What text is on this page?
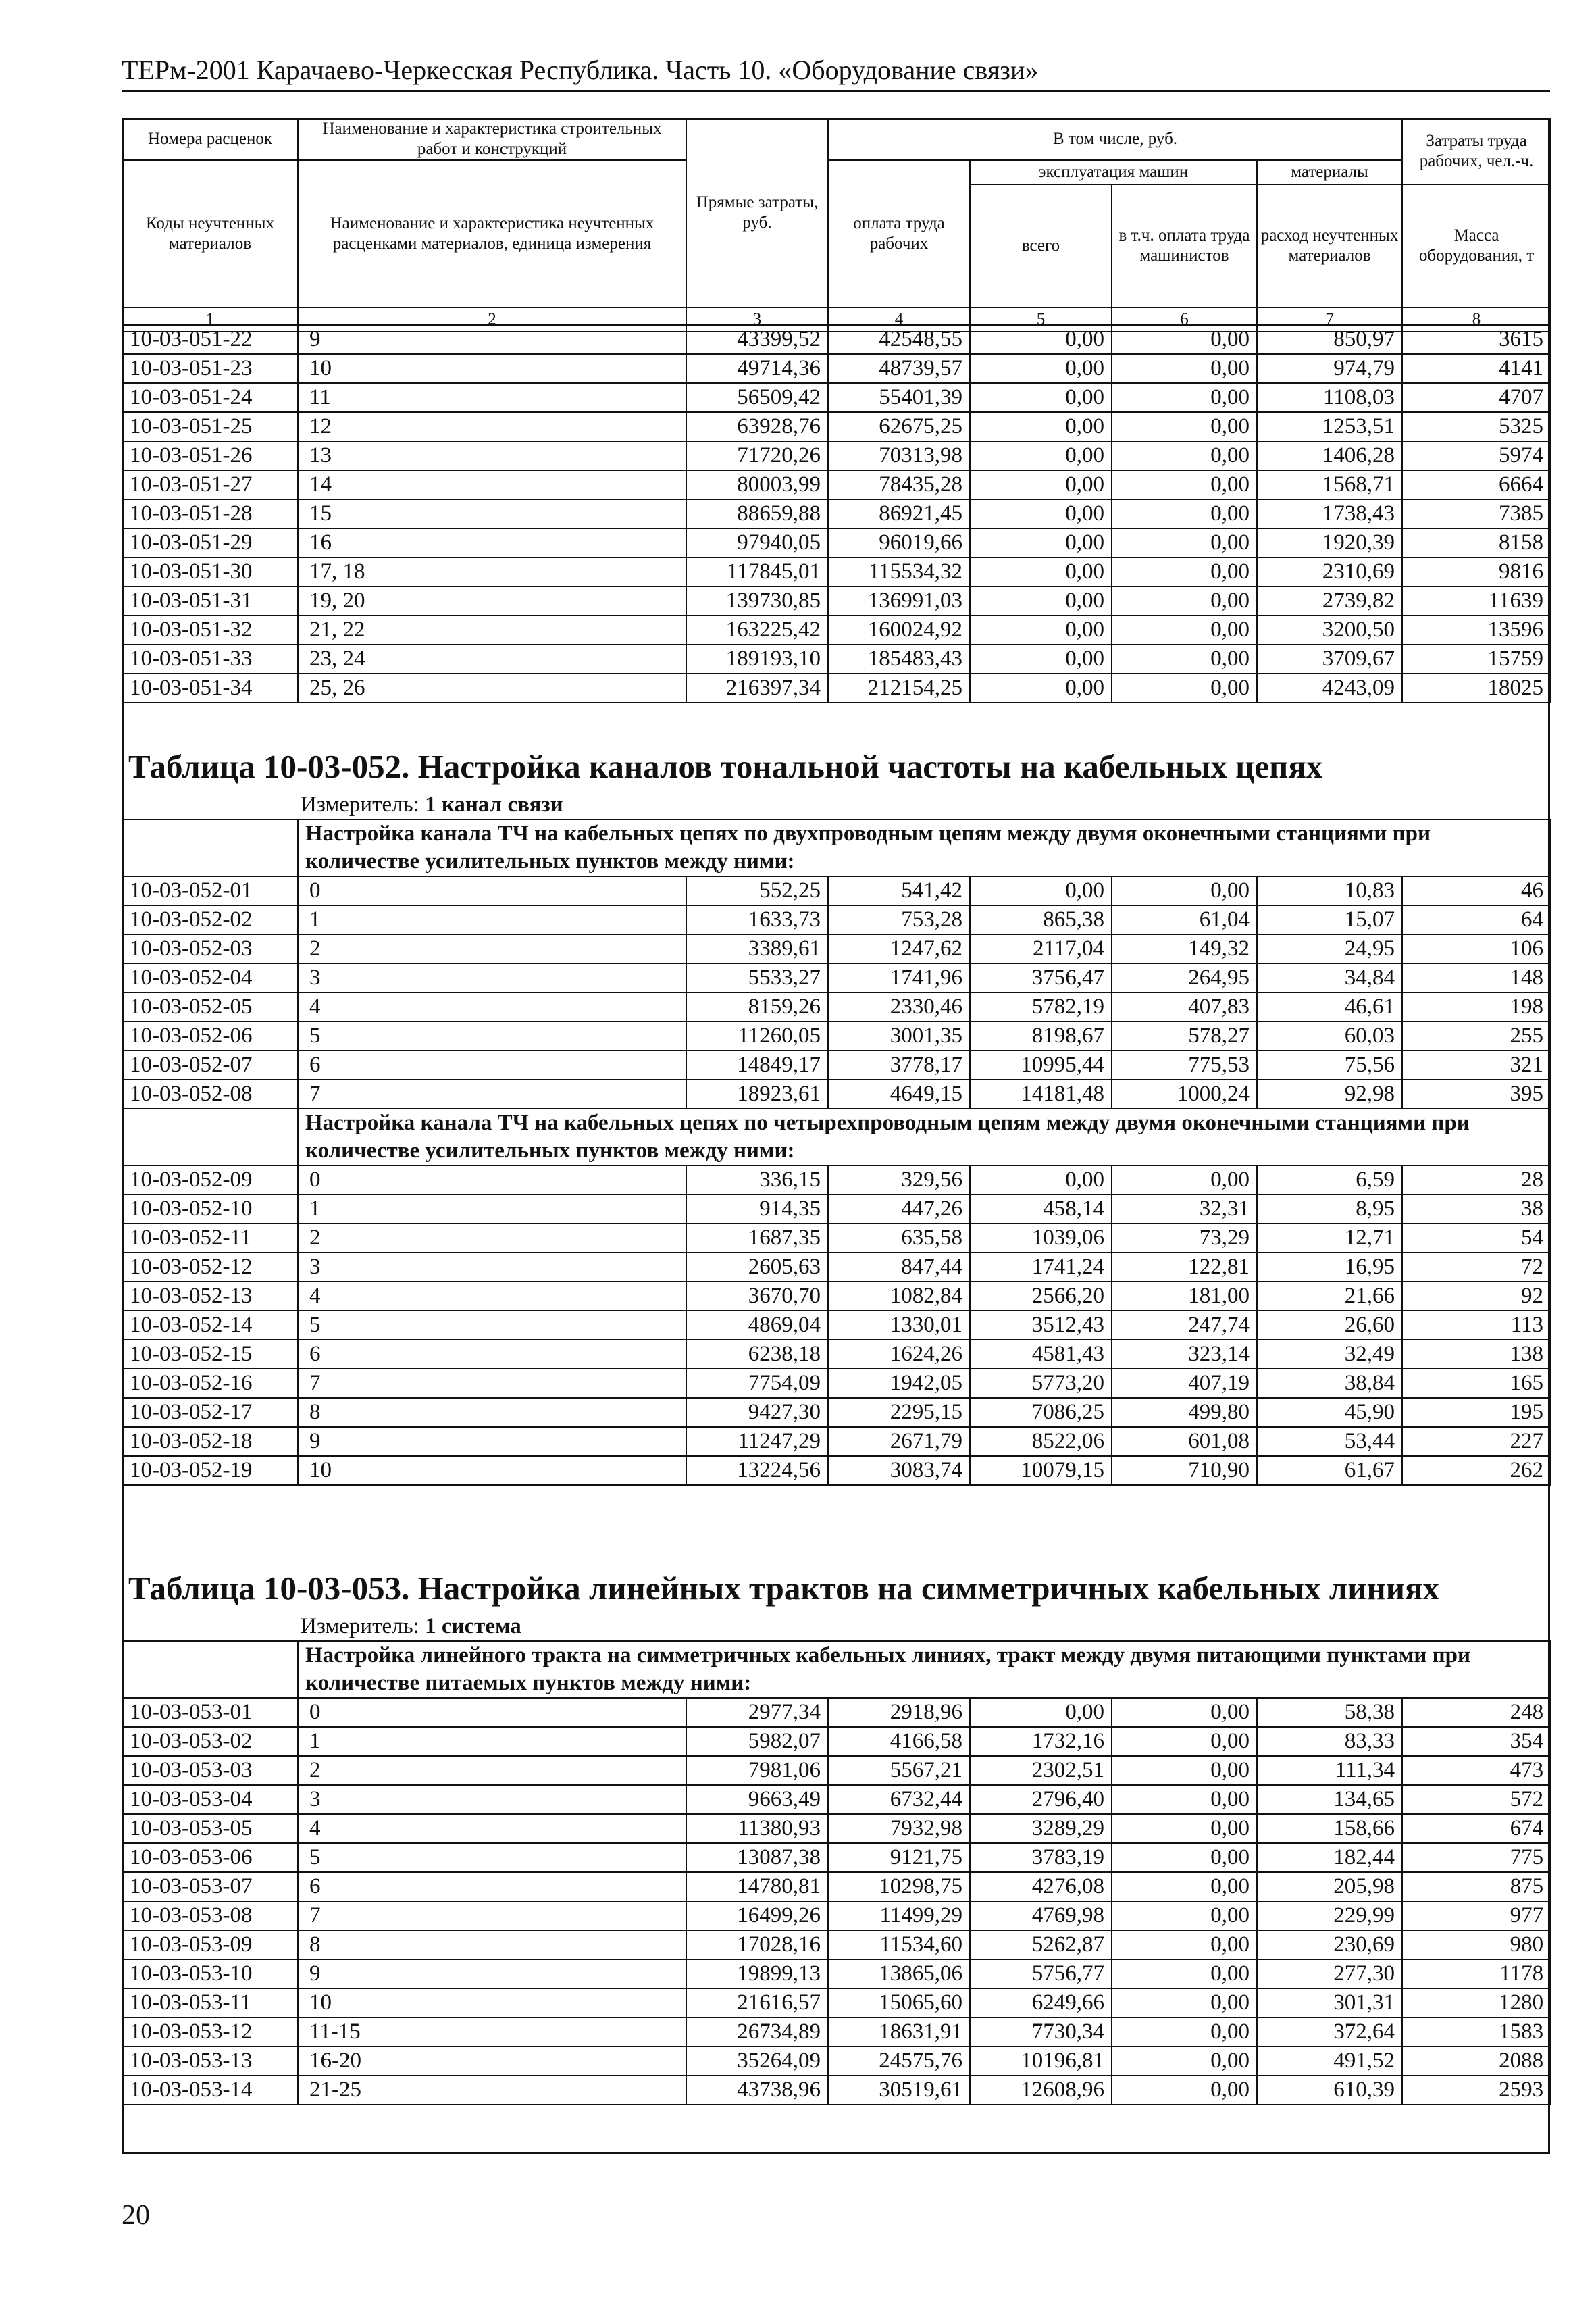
ТЕРм-2001 Карачаево-Черкесская Республика. Часть 10. «Оборудование связи»
Номера расценок	Наименование и характеристика строительных работ и конструкций	Прямые затраты, руб.	В том числе, руб.				Затраты труда рабочих, чел.-ч.
Коды неучтенных материалов	Наименование и характеристика неучтенных расценками материалов, единица измерения		оплата труда рабочих	эксплуатация машин		материалы	
				всего	в т.ч. оплата труда машинистов	расход неучтенных материалов	Масса оборудования, т
1	2	3	4	5	6	7	8
10-03-051-22	9	43399,52	42548,55	0,00	0,00	850,97	3615
10-03-051-23	10	49714,36	48739,57	0,00	0,00	974,79	4141
10-03-051-24	11	56509,42	55401,39	0,00	0,00	1108,03	4707
10-03-051-25	12	63928,76	62675,25	0,00	0,00	1253,51	5325
10-03-051-26	13	71720,26	70313,98	0,00	0,00	1406,28	5974
10-03-051-27	14	80003,99	78435,28	0,00	0,00	1568,71	6664
10-03-051-28	15	88659,88	86921,45	0,00	0,00	1738,43	7385
10-03-051-29	16	97940,05	96019,66	0,00	0,00	1920,39	8158
10-03-051-30	17, 18	117845,01	115534,32	0,00	0,00	2310,69	9816
10-03-051-31	19, 20	139730,85	136991,03	0,00	0,00	2739,82	11639
10-03-051-32	21, 22	163225,42	160024,92	0,00	0,00	3200,50	13596
10-03-051-33	23, 24	189193,10	185483,43	0,00	0,00	3709,67	15759
10-03-051-34	25, 26	216397,34	212154,25	0,00	0,00	4243,09	18025
Таблица 10-03-052. Настройка каналов тональной частоты на кабельных цепях
Измеритель: 1 канал связи
	Настройка канала ТЧ на кабельных цепях по двухпроводным цепям между двумя оконечными станциями при количестве усилительных пунктов между ними:						
10-03-052-01	0	552,25	541,42	0,00	0,00	10,83	46
10-03-052-02	1	1633,73	753,28	865,38	61,04	15,07	64
10-03-052-03	2	3389,61	1247,62	2117,04	149,32	24,95	106
10-03-052-04	3	5533,27	1741,96	3756,47	264,95	34,84	148
10-03-052-05	4	8159,26	2330,46	5782,19	407,83	46,61	198
10-03-052-06	5	11260,05	3001,35	8198,67	578,27	60,03	255
10-03-052-07	6	14849,17	3778,17	10995,44	775,53	75,56	321
10-03-052-08	7	18923,61	4649,15	14181,48	1000,24	92,98	395
	Настройка канала ТЧ на кабельных цепях по четырехпроводным цепям между двумя оконечными станциями при количестве усилительных пунктов между ними:						
10-03-052-09	0	336,15	329,56	0,00	0,00	6,59	28
10-03-052-10	1	914,35	447,26	458,14	32,31	8,95	38
10-03-052-11	2	1687,35	635,58	1039,06	73,29	12,71	54
10-03-052-12	3	2605,63	847,44	1741,24	122,81	16,95	72
10-03-052-13	4	3670,70	1082,84	2566,20	181,00	21,66	92
10-03-052-14	5	4869,04	1330,01	3512,43	247,74	26,60	113
10-03-052-15	6	6238,18	1624,26	4581,43	323,14	32,49	138
10-03-052-16	7	7754,09	1942,05	5773,20	407,19	38,84	165
10-03-052-17	8	9427,30	2295,15	7086,25	499,80	45,90	195
10-03-052-18	9	11247,29	2671,79	8522,06	601,08	53,44	227
10-03-052-19	10	13224,56	3083,74	10079,15	710,90	61,67	262
Таблица 10-03-053. Настройка линейных трактов на симметричных кабельных линиях
Измеритель: 1 система
	Настройка линейного тракта на симметричных кабельных линиях, тракт между двумя питающими пунктами при количестве питаемых пунктов между ними:						
10-03-053-01	0	2977,34	2918,96	0,00	0,00	58,38	248
10-03-053-02	1	5982,07	4166,58	1732,16	0,00	83,33	354
10-03-053-03	2	7981,06	5567,21	2302,51	0,00	111,34	473
10-03-053-04	3	9663,49	6732,44	2796,40	0,00	134,65	572
10-03-053-05	4	11380,93	7932,98	3289,29	0,00	158,66	674
10-03-053-06	5	13087,38	9121,75	3783,19	0,00	182,44	775
10-03-053-07	6	14780,81	10298,75	4276,08	0,00	205,98	875
10-03-053-08	7	16499,26	11499,29	4769,98	0,00	229,99	977
10-03-053-09	8	17028,16	11534,60	5262,87	0,00	230,69	980
10-03-053-10	9	19899,13	13865,06	5756,77	0,00	277,30	1178
10-03-053-11	10	21616,57	15065,60	6249,66	0,00	301,31	1280
10-03-053-12	11-15	26734,89	18631,91	7730,34	0,00	372,64	1583
10-03-053-13	16-20	35264,09	24575,76	10196,81	0,00	491,52	2088
10-03-053-14	21-25	43738,96	30519,61	12608,96	0,00	610,39	2593
20
